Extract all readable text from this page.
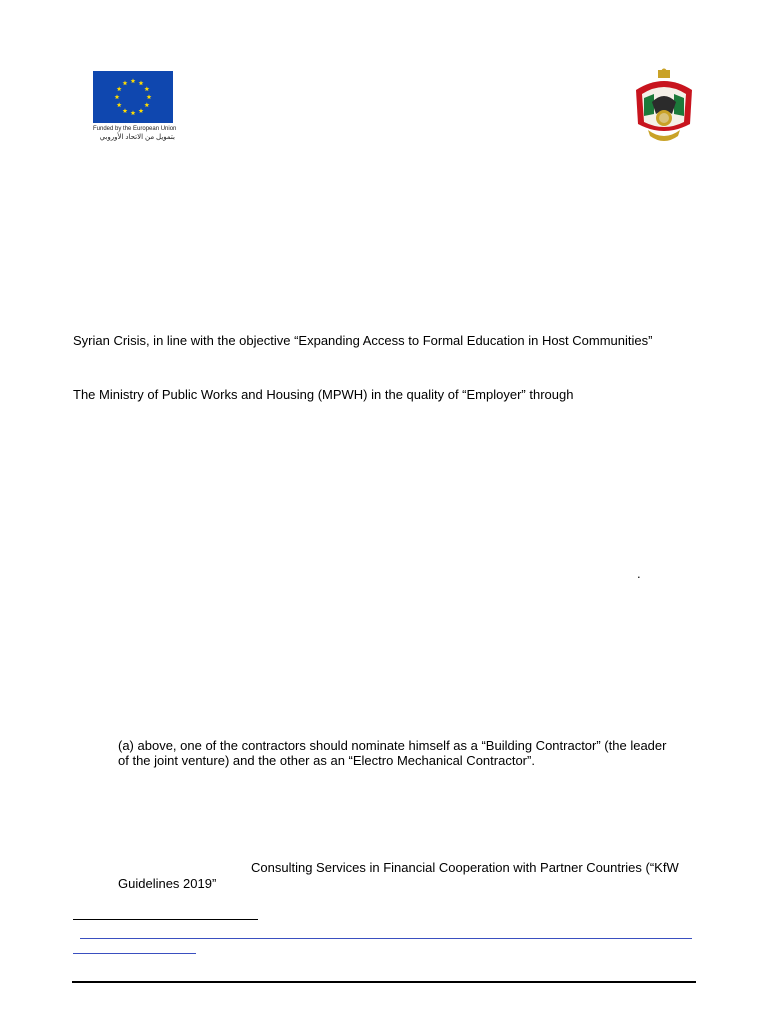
Funded by the European Union
بتمويل من الاتحاد الأوروبي
Syrian Crisis, in line with the objective “Expanding Access to Formal Education in Host Communities”
The Ministry of Public Works and Housing (MPWH) in the quality of “Employer” through
.
(a) above, one of the contractors should nominate himself as a “Building Contractor” (the leader
of the joint venture) and the other as an “Electro Mechanical Contractor”.
Consulting Services in Financial Cooperation with Partner Countries (“KfW
Guidelines 2019”
